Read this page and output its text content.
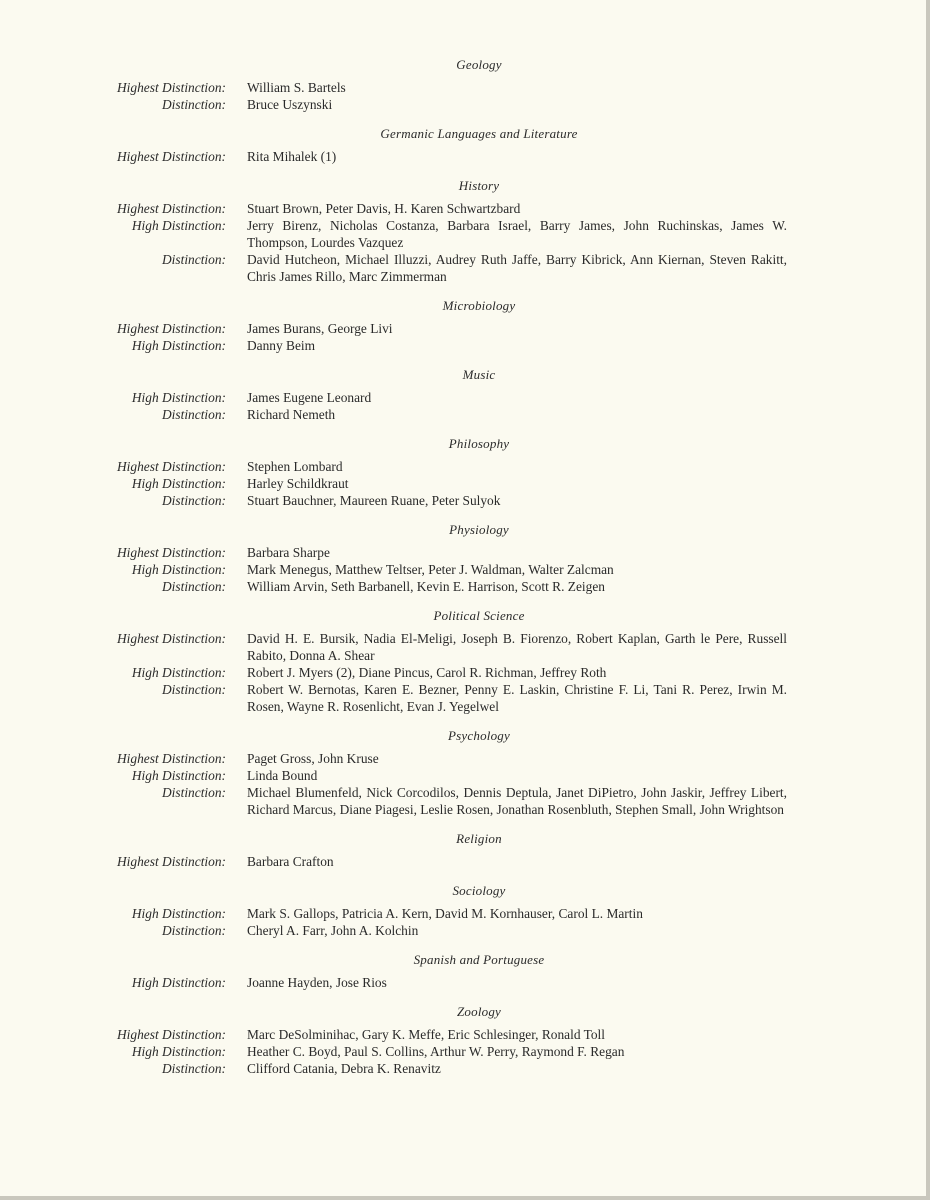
Geology
Highest Distinction: William S. Bartels
Distinction: Bruce Uszynski
Germanic Languages and Literature
Highest Distinction: Rita Mihalek (1)
History
Highest Distinction: Stuart Brown, Peter Davis, H. Karen Schwartzbard
High Distinction: Jerry Birenz, Nicholas Costanza, Barbara Israel, Barry James, John Ruchinskas, James W. Thompson, Lourdes Vazquez
Distinction: David Hutcheon, Michael Illuzzi, Audrey Ruth Jaffe, Barry Kibrick, Ann Kiernan, Steven Rakitt, Chris James Rillo, Marc Zimmerman
Microbiology
Highest Distinction: James Burans, George Livi
High Distinction: Danny Beim
Music
High Distinction: James Eugene Leonard
Distinction: Richard Nemeth
Philosophy
Highest Distinction: Stephen Lombard
High Distinction: Harley Schildkraut
Distinction: Stuart Bauchner, Maureen Ruane, Peter Sulyok
Physiology
Highest Distinction: Barbara Sharpe
High Distinction: Mark Menegus, Matthew Teltser, Peter J. Waldman, Walter Zalcman
Distinction: William Arvin, Seth Barbanell, Kevin E. Harrison, Scott R. Zeigen
Political Science
Highest Distinction: David H. E. Bursik, Nadia El-Meligi, Joseph B. Fiorenzo, Robert Kaplan, Garth le Pere, Russell Rabito, Donna A. Shear
High Distinction: Robert J. Myers (2), Diane Pincus, Carol R. Richman, Jeffrey Roth
Distinction: Robert W. Bernotas, Karen E. Bezner, Penny E. Laskin, Christine F. Li, Tani R. Perez, Irwin M. Rosen, Wayne R. Rosenlicht, Evan J. Yegelwel
Psychology
Highest Distinction: Paget Gross, John Kruse
High Distinction: Linda Bound
Distinction: Michael Blumenfeld, Nick Corcodilos, Dennis Deptula, Janet DiPietro, John Jaskir, Jeffrey Libert, Richard Marcus, Diane Piagesi, Leslie Rosen, Jonathan Rosenbluth, Stephen Small, John Wrightson
Religion
Highest Distinction: Barbara Crafton
Sociology
High Distinction: Mark S. Gallops, Patricia A. Kern, David M. Kornhauser, Carol L. Martin
Distinction: Cheryl A. Farr, John A. Kolchin
Spanish and Portuguese
High Distinction: Joanne Hayden, Jose Rios
Zoology
Highest Distinction: Marc DeSolminihac, Gary K. Meffe, Eric Schlesinger, Ronald Toll
High Distinction: Heather C. Boyd, Paul S. Collins, Arthur W. Perry, Raymond F. Regan
Distinction: Clifford Catania, Debra K. Renavitz
